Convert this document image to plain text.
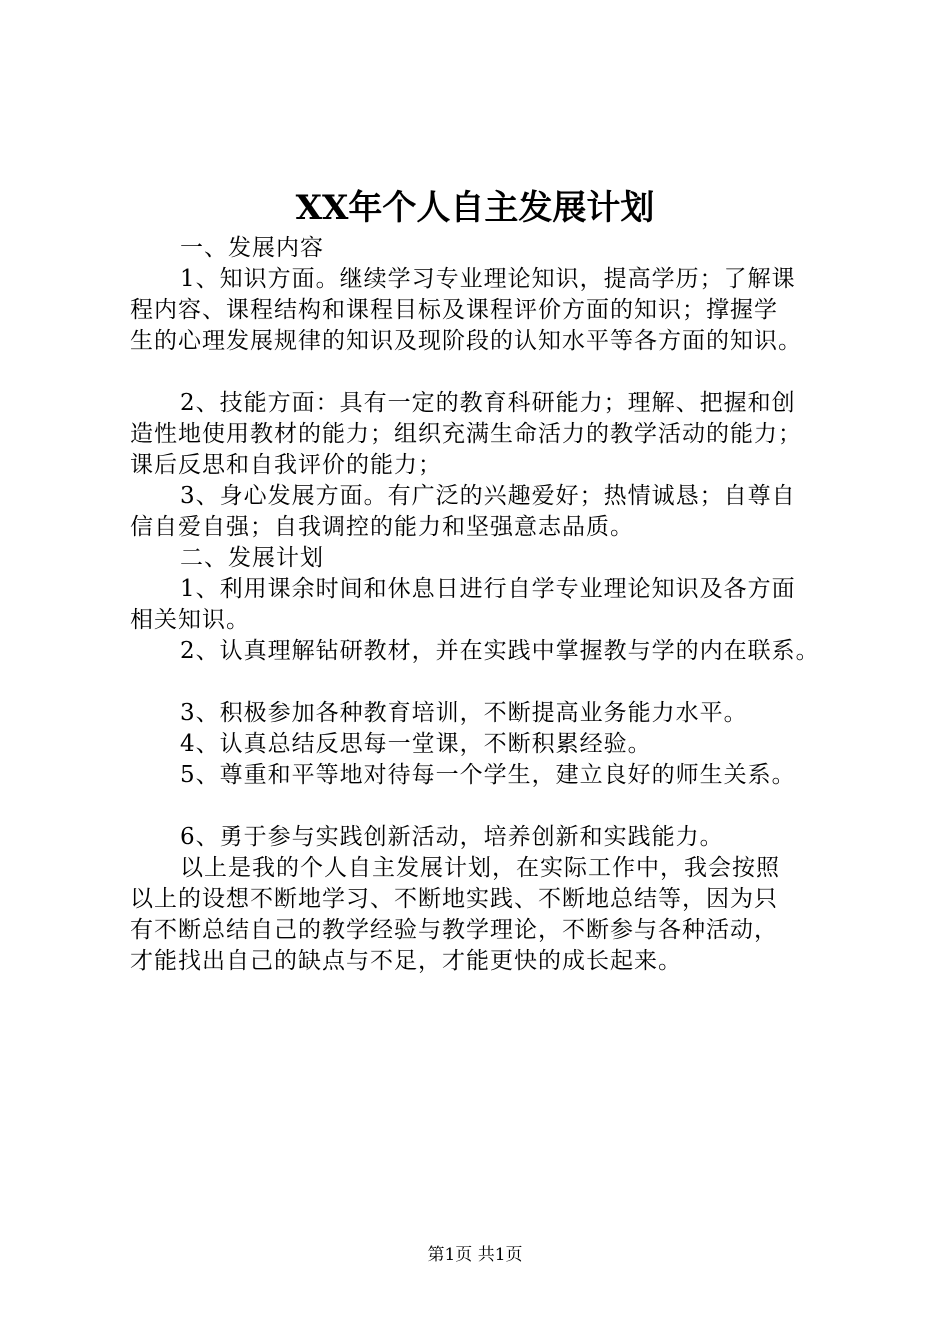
XX年个人自主发展计划
一、发展内容
1、知识方面。继续学习专业理论知识，提高学历；了解课
程内容、课程结构和课程目标及课程评价方面的知识；撑握学
生的心理发展规律的知识及现阶段的认知水平等各方面的知识。
2、技能方面：具有一定的教育科研能力；理解、把握和创
造性地使用教材的能力；组织充满生命活力的教学活动的能力；
课后反思和自我评价的能力；
3、身心发展方面。有广泛的兴趣爱好；热情诚恳；自尊自
信自爱自强；自我调控的能力和坚强意志品质。
二、发展计划
1、利用课余时间和休息日进行自学专业理论知识及各方面
相关知识。
2、认真理解钻研教材，并在实践中掌握教与学的内在联系。
3、积极参加各种教育培训，不断提高业务能力水平。
4、认真总结反思每一堂课，不断积累经验。
5、尊重和平等地对待每一个学生，建立良好的师生关系。
6、勇于参与实践创新活动，培养创新和实践能力。
以上是我的个人自主发展计划，在实际工作中，我会按照
以上的设想不断地学习、不断地实践、不断地总结等，因为只
有不断总结自己的教学经验与教学理论，不断参与各种活动，
才能找出自己的缺点与不足，才能更快的成长起来。
第1页 共1页
